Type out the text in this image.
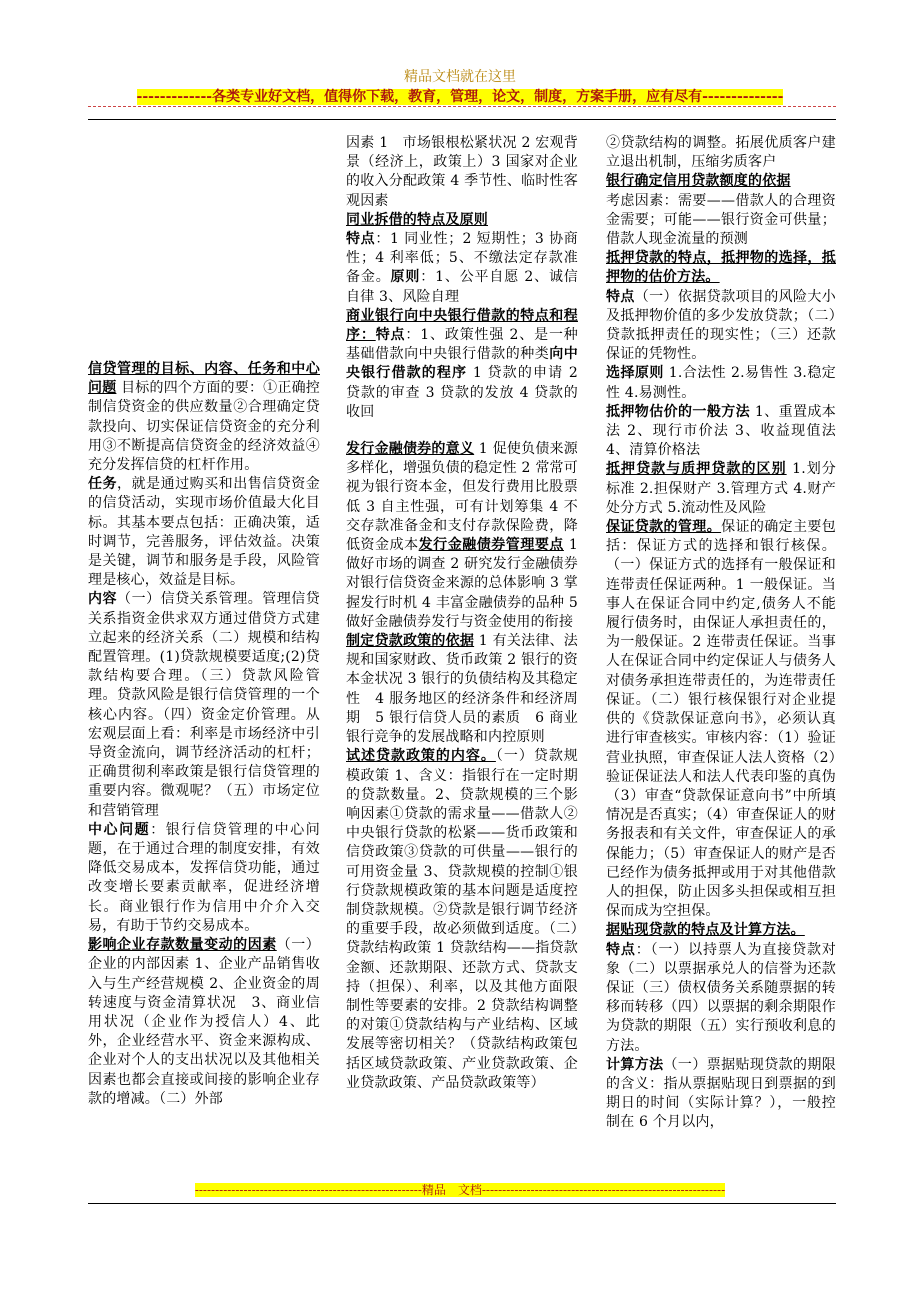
精品文档就在这里
-------------各类专业好文档，值得你下载，教育，管理，论文，制度，方案手册，应有尽有--------------

信贷管理的目标、内容、任务和中心问题 目标的四个方面的要：①正确控制信贷资金的供应数量②合理确定贷款投向、切实保证信贷资金的充分利用③不断提高信贷资金的经济效益④充分发挥信贷的杠杆作用。

任务，就是通过购买和出售信贷资金的信贷活动，实现市场价值最大化目标。其基本要点包括：正确决策，适时调节，完善服务，评估效益。决策是关键，调节和服务是手段，风险管理是核心，效益是目标。

内容（一）信贷关系管理。管理信贷关系指资金供求双方通过借贷方式建立起来的经济关系（二）规模和结构配置管理。(1)贷款规模要适度;(2)贷款结构要合理。（三）贷款风险管理。贷款风险是银行信贷管理的一个核心内容。（四）资金定价管理。从宏观层面上看：利率是市场经济中引导资金流向，调节经济活动的杠杆；正确贯彻利率政策是银行信贷管理的重要内容。微观呢？（五）市场定位和营销管理

中心问题：银行信贷管理的中心问题，在于通过合理的制度安排，有效降低交易成本，发挥信贷功能，通过改变增长要素贡献率，促进经济增长。商业银行作为信用中介介入交易，有助于节约交易成本。

影响企业存款数量变动的因素（一）企业的内部因素 1、企业产品销售收入与生产经营规模 2、企业资金的周转速度与资金清算状况　3、商业信用状况（企业作为授信人）4、此外，企业经营水平、资金来源构成、企业对个人的支出状况以及其他相关因素也都会直接或间接的影响企业存款的增减。（二）外部

因素 1　市场银根松紧状况 2 宏观背景（经济上，政策上）3 国家对企业的收入分配政策 4 季节性、临时性客观因素

同业拆借的特点及原则

特点：1 同业性；2 短期性；3 协商性；4 利率低；5、不缴法定存款准备金。原则：1、公平自愿 2、诚信自律 3、风险自理

商业银行向中央银行借款的特点和程序：特点：1、政策性强 2、是一种基础借款向中央银行借款的种类向中央银行借款的程序 1 贷款的申请 2 贷款的审查 3 贷款的发放 4 贷款的收回

发行金融债券的意义 1 促使负债来源多样化，增强负债的稳定性 2 常常可视为银行资本金，但发行费用比股票低 3 自主性强，可有计划筹集 4 不交存款准备金和支付存款保险费，降低资金成本发行金融债券管理要点 1 做好市场的调查 2 研究发行金融债券对银行信贷资金来源的总体影响 3 掌握发行时机 4 丰富金融债券的品种 5 做好金融债券发行与资金使用的衔接

制定贷款政策的依据 1 有关法律、法规和国家财政、货币政策 2 银行的资本金状况 3 银行的负债结构及其稳定性　4 服务地区的经济条件和经济周期　5 银行信贷人员的素质　6 商业银行竞争的发展战略和内控原则

试述贷款政策的内容。（一）贷款规模政策 1、含义：指银行在一定时期的贷款数量。2、贷款规模的三个影响因素①贷款的需求量——借款人②中央银行贷款的松紧——货币政策和信贷政策③贷款的可供量——银行的可用资金量 3、贷款规模的控制①银行贷款规模政策的基本问题是适度控制贷款规模。②贷款是银行调节经济的重要手段，故必须做到适度。（二）贷款结构政策 1 贷款结构——指贷款金额、还款期限、还款方式、贷款支持（担保）、利率，以及其他方面限制性等要素的安排。2 贷款结构调整的对策①贷款结构与产业结构、区域发展等密切相关？（贷款结构政策包括区域贷款政策、产业贷款政策、企业贷款政策、产品贷款政策等）

②贷款结构的调整。拓展优质客户建立退出机制，压缩劣质客户

银行确定信用贷款额度的依据

考虑因素：需要——借款人的合理资金需要；可能——银行资金可供量；借款人现金流量的预测

抵押贷款的特点，抵押物的选择，抵押物的估价方法。

特点（一）依据贷款项目的风险大小及抵押物价值的多少发放贷款；（二）贷款抵押责任的现实性；（三）还款保证的凭物性。

选择原则 1.合法性 2.易售性 3.稳定性 4.易测性。

抵押物估价的一般方法 1、重置成本法 2、现行市价法 3、收益现值法 4、清算价格法

抵押贷款与质押贷款的区别 1.划分标准 2.担保财产 3.管理方式 4.财产处分方式 5.流动性及风险

保证贷款的管理。保证的确定主要包括：保证方式的选择和银行核保。（一）保证方式的选择有一般保证和连带责任保证两种。1 一般保证。当事人在保证合同中约定,债务人不能履行债务时，由保证人承担责任的，为一般保证。2 连带责任保证。当事人在保证合同中约定保证人与债务人对债务承担连带责任的，为连带责任保证。（二）银行核保银行对企业提供的《贷款保证意向书》，必须认真进行审查核实。审核内容：（1）验证营业执照，审查保证人法人资格（2）验证保证法人和法人代表印鉴的真伪（3）审查“贷款保证意向书”中所填情况是否真实；（4）审查保证人的财务报表和有关文件，审查保证人的承保能力；（5）审查保证人的财产是否已经作为债务抵押或用于对其他借款人的担保，防止因多头担保或相互担保而成为空担保。

据贴现贷款的特点及计算方法。

特点：（一）以持票人为直接贷款对象（二）以票据承兑人的信誉为还款保证（三）债权债务关系随票据的转移而转移（四）以票据的剩余期限作为贷款的期限（五）实行预收利息的方法。

计算方法（一）票据贴现贷款的期限的含义：指从票据贴现日到票据的到期日的时间（实际计算？），一般控制在 6 个月以内，

--------------------------------------------------------精品　文档------------------------------------------------------------
